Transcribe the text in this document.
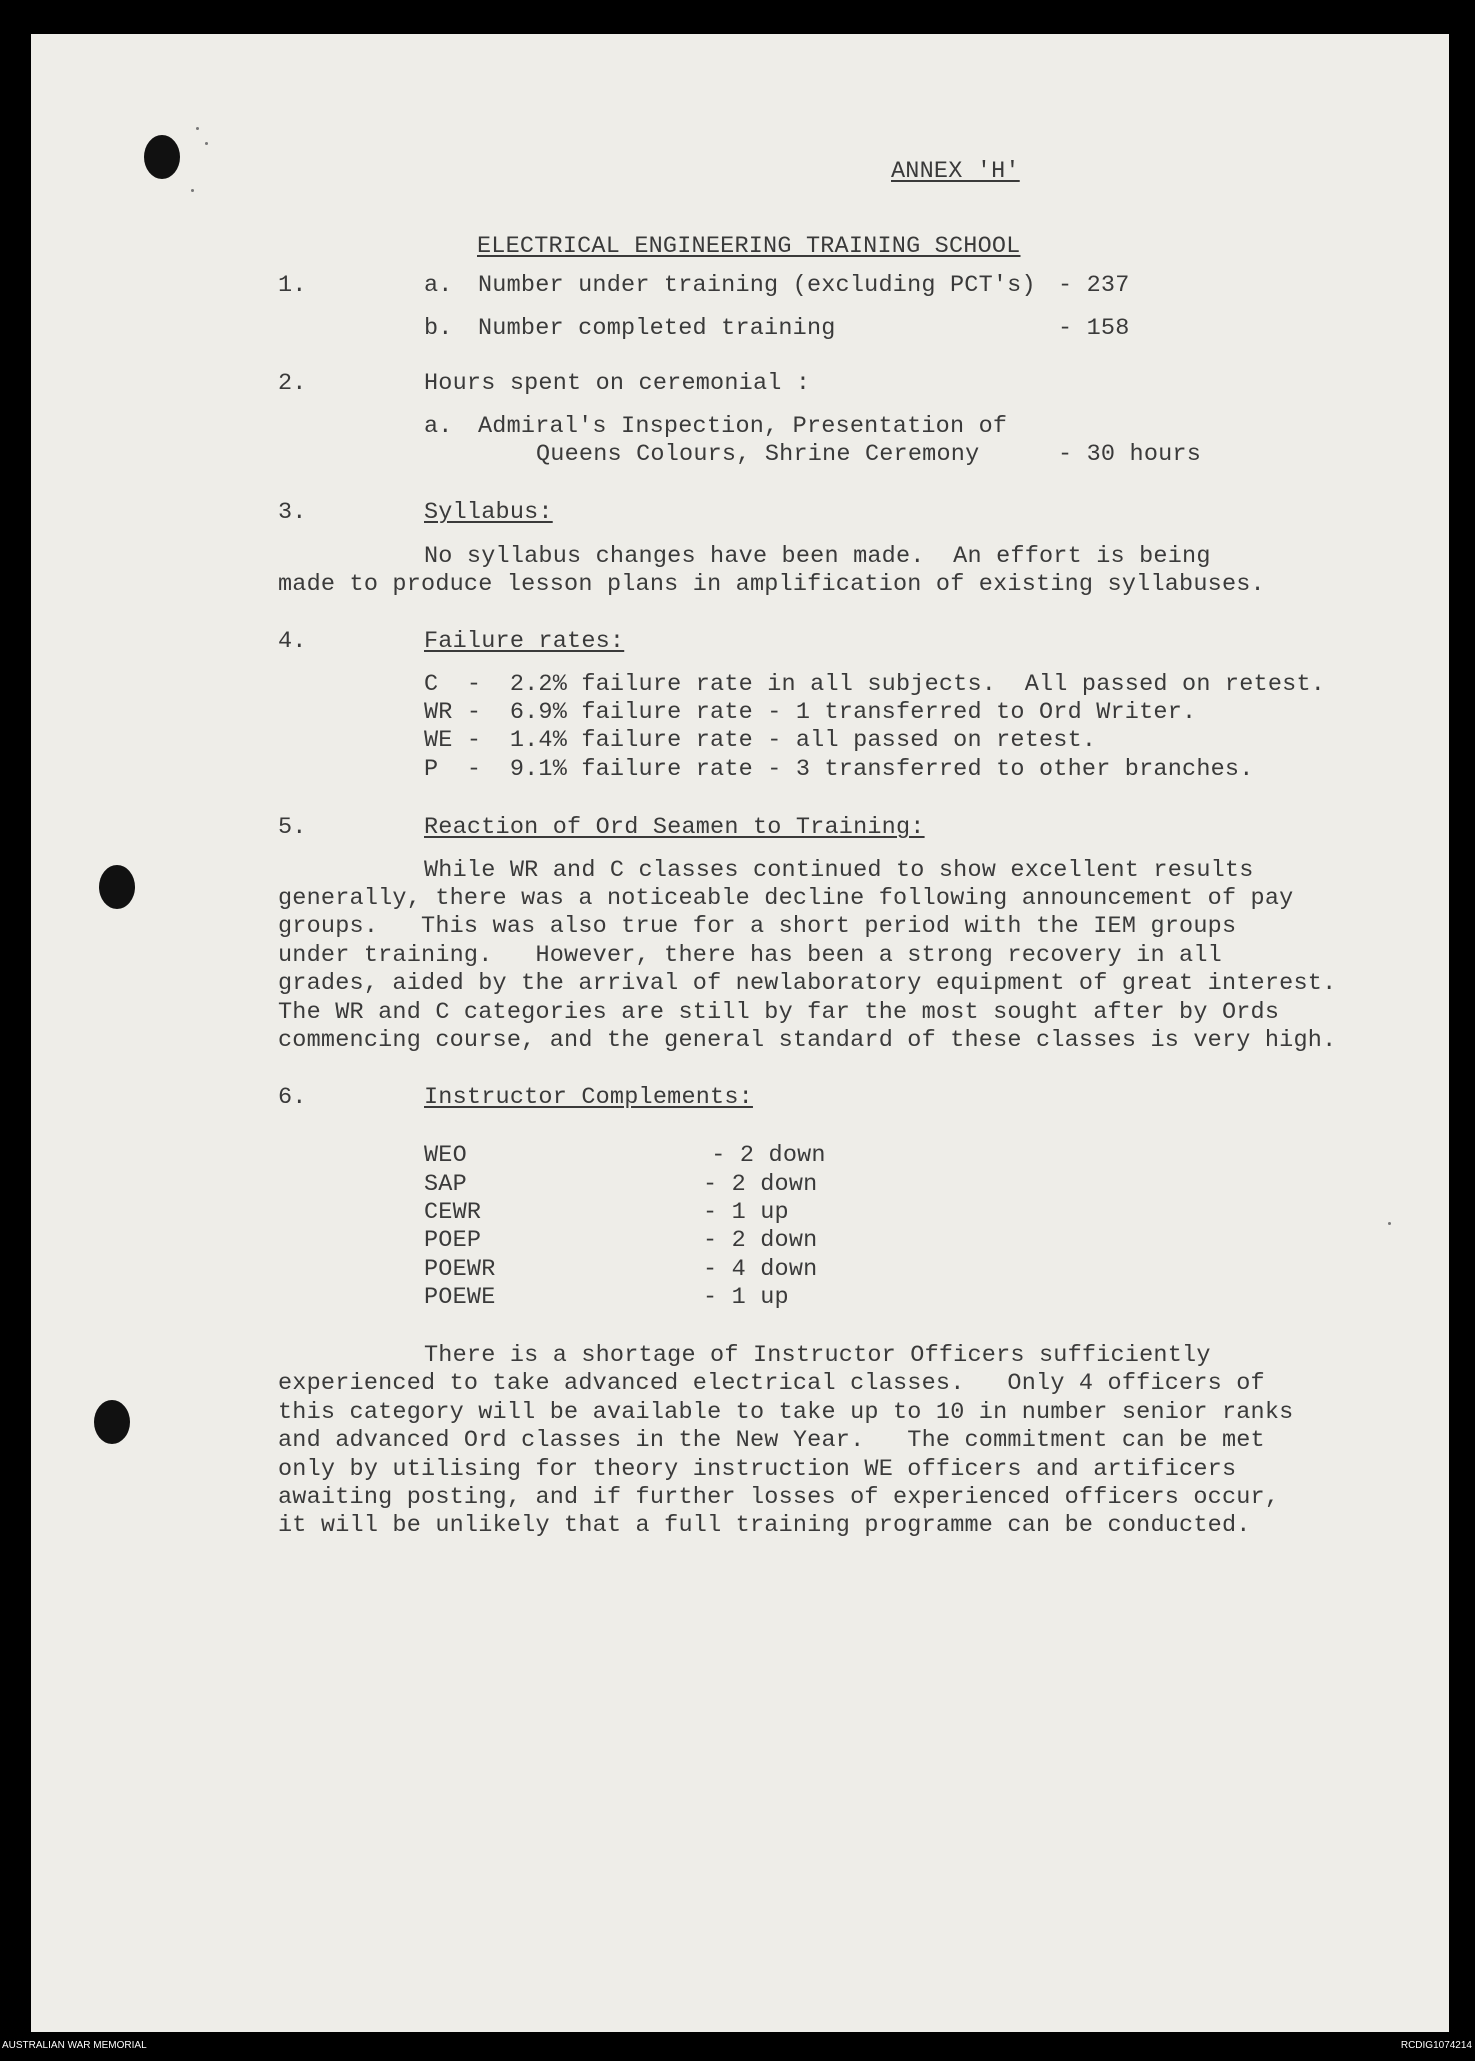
ANNEX 'H'
ELECTRICAL ENGINEERING TRAINING SCHOOL
1.	a. Number under training (excluding PCT's) - 237
b. Number completed training	- 158
2.	Hours spent on ceremonial :
a. Admiral's Inspection, Presentation of
Queens Colours, Shrine Ceremony	- 30 hours
3.	Syllabus:
No syllabus changes have been made.  An effort is being
made to produce lesson plans in amplification of existing syllabuses.
4.	Failure rates:
C  -  2.2% failure rate in all subjects.  All passed on retest.
WR -  6.9% failure rate - 1 transferred to Ord Writer.
WE -  1.4% failure rate - all passed on retest.
P  -  9.1% failure rate - 3 transferred to other branches.
5.	Reaction of Ord Seamen to Training:
While WR and C classes continued to show excellent results
generally, there was a noticeable decline following announcement of pay
groups.   This was also true for a short period with the IEM groups
under training.   However, there has been a strong recovery in all
grades, aided by the arrival of newlaboratory equipment of great interest.
The WR and C categories are still by far the most sought after by Ords
commencing course, and the general standard of these classes is very high.
6.	Instructor Complements:
WEO	- 2 down
SAP	- 2 down
CEWR	- 1 up
POEP	- 2 down
POEWR	- 4 down
POEWE	- 1 up
There is a shortage of Instructor Officers sufficiently
experienced to take advanced electrical classes.   Only 4 officers of
this category will be available to take up to 10 in number senior ranks
and advanced Ord classes in the New Year.   The commitment can be met
only by utilising for theory instruction WE officers and artificers
awaiting posting, and if further losses of experienced officers occur,
it will be unlikely that a full training programme can be conducted.
AUSTRALIAN WAR MEMORIAL	RCDIG1074214
